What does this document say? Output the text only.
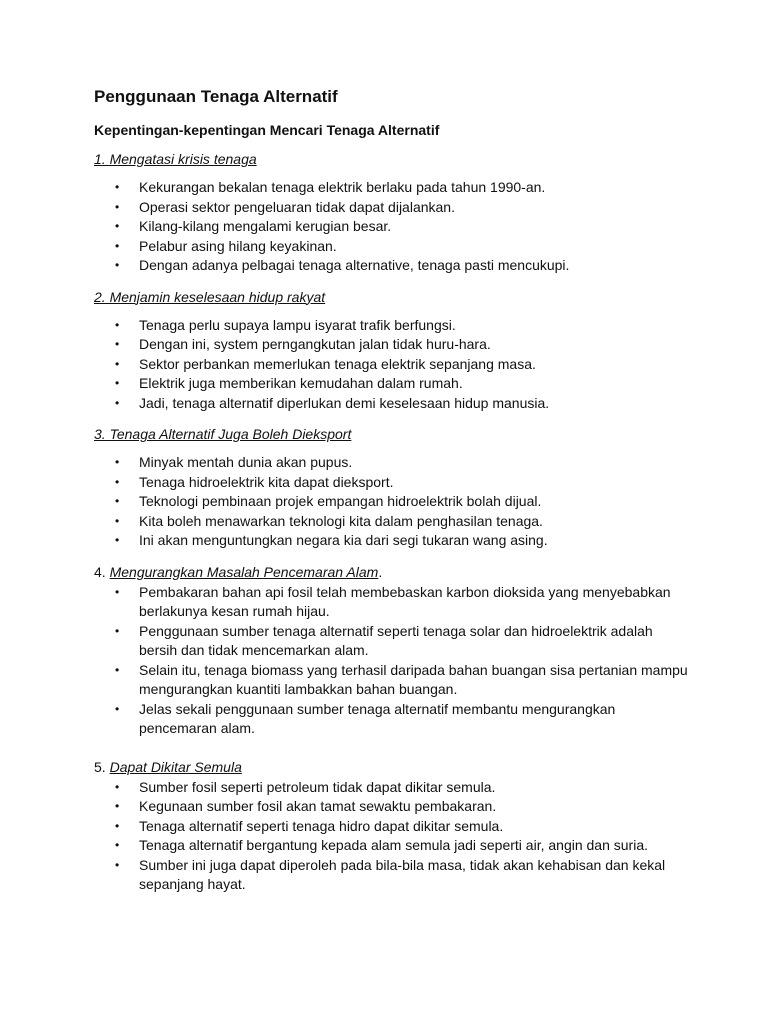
Penggunaan Tenaga Alternatif
Kepentingan-kepentingan Mencari Tenaga Alternatif

1. Mengatasi krisis tenaga

• Kekurangan bekalan tenaga elektrik berlaku pada tahun 1990-an.
• Operasi sektor pengeluaran tidak dapat dijalankan.
• Kilang-kilang mengalami kerugian besar.
• Pelabur asing hilang keyakinan.
• Dengan adanya pelbagai tenaga alternative, tenaga pasti mencukupi.

2. Menjamin keselesaan hidup rakyat

• Tenaga perlu supaya lampu isyarat trafik berfungsi.
• Dengan ini, system perngangkutan jalan tidak huru-hara.
• Sektor perbankan memerlukan tenaga elektrik sepanjang masa.
• Elektrik juga memberikan kemudahan dalam rumah.
• Jadi, tenaga alternatif diperlukan demi keselesaan hidup manusia.

3. Tenaga Alternatif Juga Boleh Dieksport

• Minyak mentah dunia akan pupus.
• Tenaga hidroelektrik kita dapat dieksport.
• Teknologi pembinaan projek empangan hidroelektrik bolah dijual.
• Kita boleh menawarkan teknologi kita dalam penghasilan tenaga.
• Ini akan menguntungkan negara kia dari segi tukaran wang asing.

4. Mengurangkan Masalah Pencemaran Alam.

• Pembakaran bahan api fosil telah membebaskan karbon dioksida yang menyebabkan berlakunya kesan rumah hijau.
• Penggunaan sumber tenaga alternatif seperti tenaga solar dan hidroelektrik adalah bersih dan tidak mencemarkan alam.
• Selain itu, tenaga biomass yang terhasil daripada bahan buangan sisa pertanian mampu mengurangkan kuantiti lambakkan bahan buangan.
• Jelas sekali penggunaan sumber tenaga alternatif membantu mengurangkan pencemaran alam.

5. Dapat Dikitar Semula

• Sumber fosil seperti petroleum tidak dapat dikitar semula.
• Kegunaan sumber fosil akan tamat sewaktu pembakaran.
• Tenaga alternatif seperti tenaga hidro dapat dikitar semula.
• Tenaga alternatif bergantung kepada alam semula jadi seperti air, angin dan suria.
• Sumber ini juga dapat diperoleh pada bila-bila masa, tidak akan kehabisan dan kekal sepanjang hayat.
